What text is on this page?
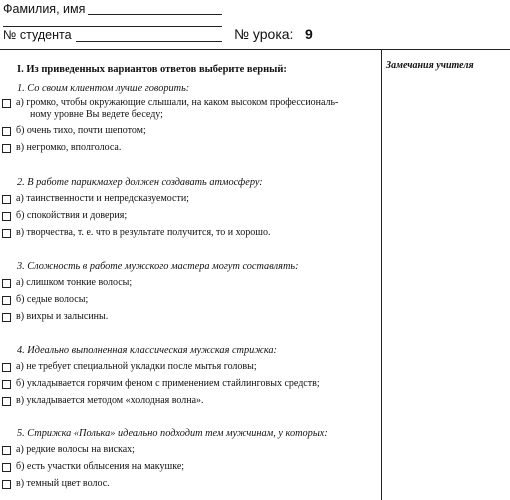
Фамилия, имя
№ студента	№ урока: 9
Замечания учителя
I. Из приведенных вариантов ответов выберите верный:
1. Со своим клиентом лучше говорить:
а) громко, чтобы окружающие слышали, на каком высоком профессиональ-
ному уровне Вы ведете беседу;
б) очень тихо, почти шепотом;
в) негромко, вполголоса.
2. В работе парикмахер должен создавать атмосферу:
а) таинственности и непредсказуемости;
б) спокойствия и доверия;
в) творчества, т. е. что в результате получится, то и хорошо.
3. Сложность в работе мужского мастера могут составлять:
а) слишком тонкие волосы;
б) седые волосы;
в) вихры и залысины.
4. Идеально выполненная классическая мужская стрижка:
а) не требует специальной укладки после мытья головы;
б) укладывается горячим феном с применением стайлинговых средств;
в) укладывается методом «холодная волна».
5. Стрижка «Полька» идеально подходит тем мужчинам, у которых:
а) редкие волосы на висках;
б) есть участки облысения на макушке;
в) темный цвет волос.
